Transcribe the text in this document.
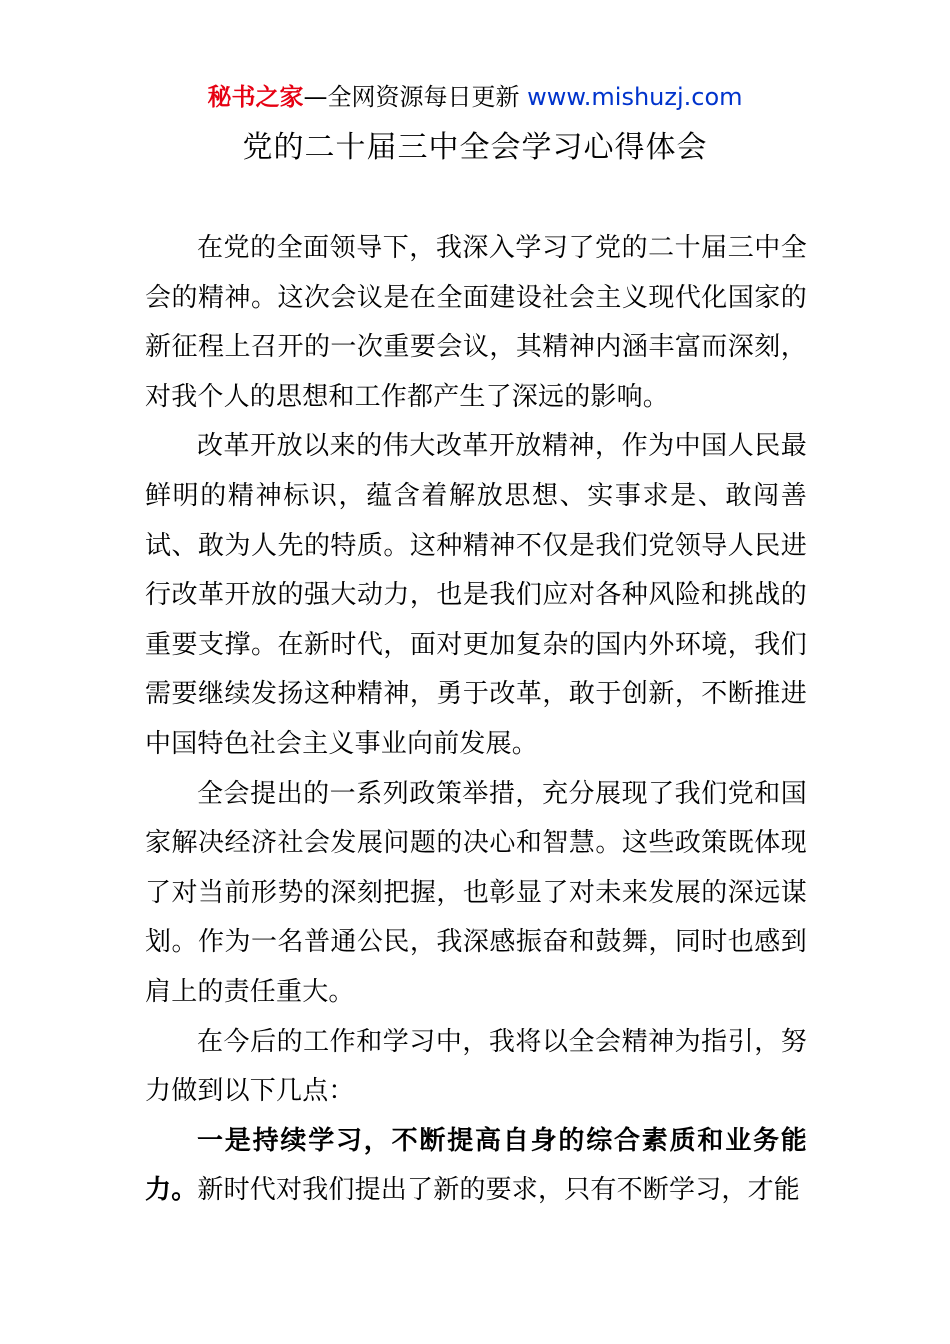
秘书之家—全网资源每日更新 www.mishuzj.com
党的二十届三中全会学习心得体会

在党的全面领导下，我深入学习了党的二十届三中全会的精神。这次会议是在全面建设社会主义现代化国家的新征程上召开的一次重要会议，其精神内涵丰富而深刻，对我个人的思想和工作都产生了深远的影响。

改革开放以来的伟大改革开放精神，作为中国人民最鲜明的精神标识，蕴含着解放思想、实事求是、敢闯善试、敢为人先的特质。这种精神不仅是我们党领导人民进行改革开放的强大动力，也是我们应对各种风险和挑战的重要支撑。在新时代，面对更加复杂的国内外环境，我们需要继续发扬这种精神，勇于改革，敢于创新，不断推进中国特色社会主义事业向前发展。

全会提出的一系列政策举措，充分展现了我们党和国家解决经济社会发展问题的决心和智慧。这些政策既体现了对当前形势的深刻把握，也彰显了对未来发展的深远谋划。作为一名普通公民，我深感振奋和鼓舞，同时也感到肩上的责任重大。

在今后的工作和学习中，我将以全会精神为指引，努力做到以下几点：

一是持续学习，不断提高自身的综合素质和业务能力。新时代对我们提出了新的要求，只有不断学习，才能
